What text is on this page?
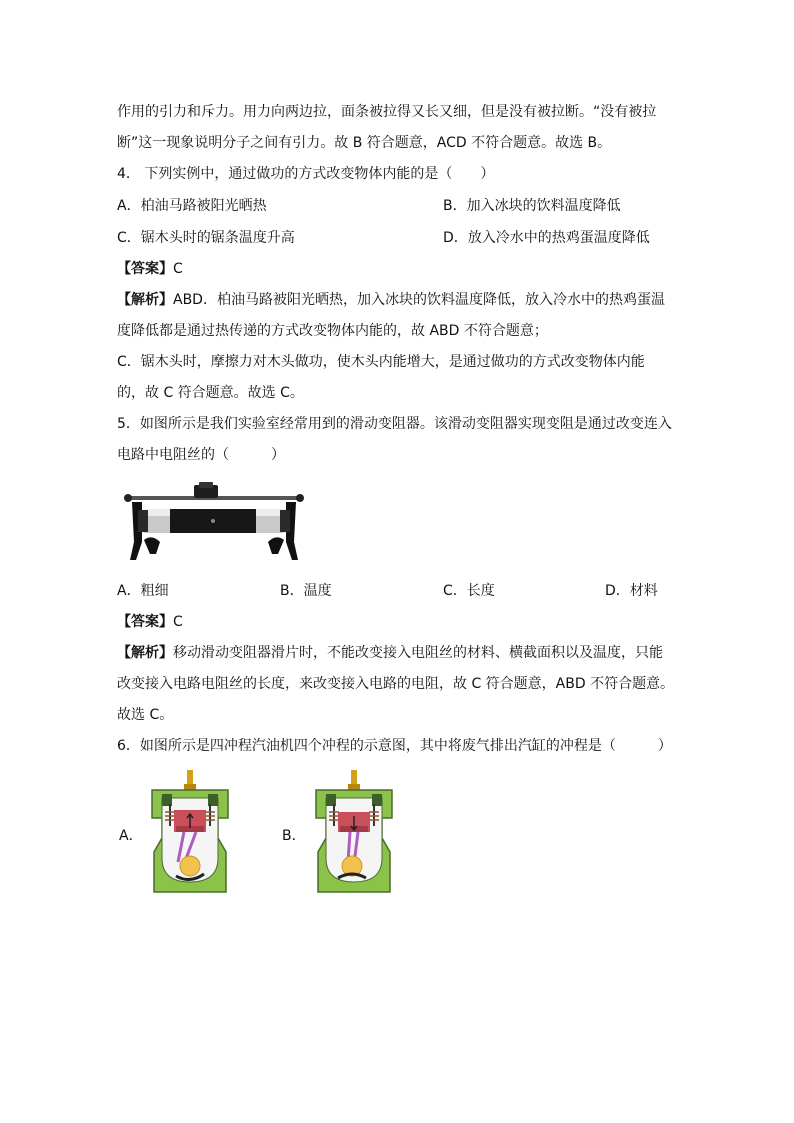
作用的引力和斥力。用力向两边拉，面条被拉得又长又细，但是没有被拉断。“没有被拉
断”这一现象说明分子之间有引力。故 B 符合题意，ACD 不符合题意。故选 B。
4． 下列实例中，通过做功的方式改变物体内能的是（　　）
A．柏油马路被阳光晒热	B．加入冰块的饮料温度降低
C．锯木头时的锯条温度升高	D．放入冷水中的热鸡蛋温度降低
【答案】C
【解析】ABD．柏油马路被阳光晒热，加入冰块的饮料温度降低，放入冷水中的热鸡蛋温
度降低都是通过热传递的方式改变物体内能的，故 ABD 不符合题意；
C．锯木头时，摩擦力对木头做功，使木头内能增大，是通过做功的方式改变物体内能
的，故 C 符合题意。故选 C。
5．如图所示是我们实验室经常用到的滑动变阻器。该滑动变阻器实现变阻是通过改变连入
电路中电阻丝的（　　　）
A．粗细	B．温度	C．长度	D．材料
【答案】C
【解析】移动滑动变阻器滑片时，不能改变接入电阻丝的材料、横截面积以及温度，只能
改变接入电路电阻丝的长度，来改变接入电路的电阻，故 C 符合题意，ABD 不符合题意。
故选 C。
6．如图所示是四冲程汽油机四个冲程的示意图，其中将废气排出汽缸的冲程是（　　　）
A．	B．
